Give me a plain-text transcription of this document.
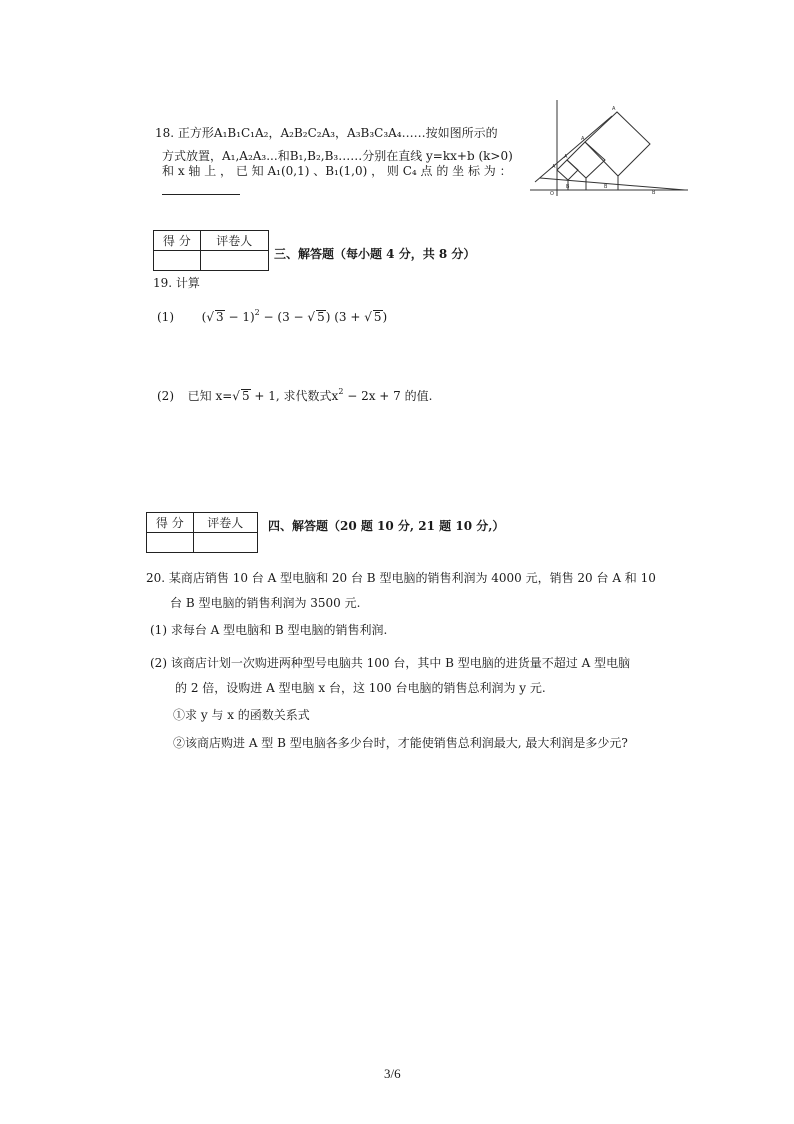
18. 正方形A₁B₁C₁A₂，A₂B₂C₂A₃，A₃B₃C₃A₄……按如图所示的
方式放置，A₁,A₂A₃...和B₁,B₂,B₃……分别在直线 y=kx+b (k>0)
和 x 轴 上 ， 已 知 A₁(0,1) 、B₁(1,0) ， 则 C₄ 点 的 坐 标 为 ：	A
A
A
A
B	B
B
O
得 分	评卷人

三、解答题（每小题 4 分，共 8 分）
19. 计算
(1) (√ 3 − 1)$^2$ − (3 − √ 5) (3 + √ 5)
(2) 已知 x=√ 5 + 1, 求代数式$x^2 - 2x + 7$ 的值.
得 分	评卷人
	四、解答题（20 题 10 分, 21 题 10 分,）
20. 某商店销售 10 台 A 型电脑和 20 台 B 型电脑的销售利润为 4000 元，销售 20 台 A 和 10
台 B 型电脑的销售利润为 3500 元.
(1) 求每台 A 型电脑和 B 型电脑的销售利润.
(2) 该商店计划一次购进两种型号电脑共 100 台，其中 B 型电脑的进货量不超过 A 型电脑
的 2 倍，设购进 A 型电脑 x 台，这 100 台电脑的销售总利润为 y 元.
①求 y 与 x 的函数关系式
②该商店购进 A 型 B 型电脑各多少台时，才能使销售总利润最大, 最大利润是多少元?
3/6
